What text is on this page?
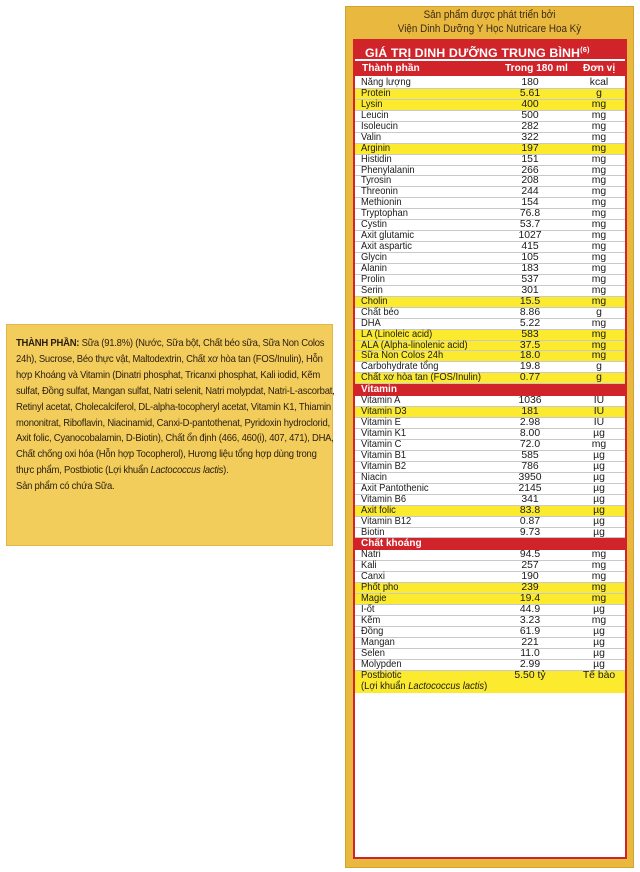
THÀNH PHẦN: Sữa (91.8%) (Nước, Sữa bột, Chất béo sữa, Sữa Non Colos 24h), Sucrose, Béo thực vật, Maltodextrin, Chất xơ hòa tan (FOS/Inulin), Hỗn hợp Khoáng và Vitamin (Dinatri phosphat, Tricanxi phosphat, Kali iodid, Kẽm sulfat, Đồng sulfat, Mangan sulfat, Natri selenit, Natri molypdat, Natri-L-ascorbat, Retinyl acetat, Cholecalciferol, DL-alpha-tocopheryl acetat, Vitamin K1, Thiamin mononitrat, Riboflavin, Niacinamid, Canxi-D-pantothenat, Pyridoxin hydroclorid, Axit folic, Cyanocobalamin, D-Biotin), Chất ổn định (466, 460(i), 407, 471), DHA, Chất chống oxi hóa (Hỗn hợp Tocopherol), Hương liệu tổng hợp dùng trong thực phẩm, Postbiotic (Lợi khuẩn Lactococcus lactis).
Sản phẩm có chứa Sữa.
Sản phẩm được phát triển bởi
Viện Dinh Dưỡng Y Học Nutricare Hoa Kỳ
GIÁ TRỊ DINH DƯỠNG TRUNG BÌNH$^{(6)}$
Thành phần	Trong 180 ml Đơn vị
Năng lượng	180	kcal
Protein	5.61	g
Lysin	400	mg
Leucin	500	mg
Isoleucin	282	mg
Valin	322	mg
Arginin	197	mg
Histidin	151	mg
Phenylalanin	266	mg
Tyrosin	208	mg
Threonin	244	mg
Methionin	154	mg
Tryptophan	76.8	mg
Cystin	53.7	mg
Axit glutamic	1027	mg
Axit aspartic	415	mg
Glycin	105	mg
Alanin	183	mg
Prolin	537	mg
Serin	301	mg
Cholin	15.5	mg
Chất béo	8.86	g
DHA	5.22	mg
LA (Linoleic acid)	583	mg
ALA (Alpha-linolenic acid)	37.5	mg
Sữa Non Colos 24h	18.0	mg
Carbohydrate tổng	19.8	g
Chất xơ hòa tan (FOS/Inulin)	0.77	g
Vitamin
Vitamin A	1036	IU
Vitamin D3	181	IU
Vitamin E	2.98	IU
Vitamin K1	8.00	µg
Vitamin C	72.0	mg
Vitamin B1	585	µg
Vitamin B2	786	µg
Niacin	3950	µg
Axit Pantothenic	2145	µg
Vitamin B6	341	µg
Axit folic	83.8	µg
Vitamin B12	0.87	µg
Biotin	9.73	µg
Chất khoáng
Natri	94.5	mg
Kali	257	mg
Canxi	190	mg
Phốt pho	239	mg
Magie	19.4	mg
I-ốt	44.9	µg
Kẽm	3.23	mg
Đồng	61.9	µg
Mangan	221	µg
Selen	11.0	µg
Molypden	2.99	µg
Postbiotic	5.50 tỷ	Tế bào
(Lợi khuẩn Lactococcus lactis)
